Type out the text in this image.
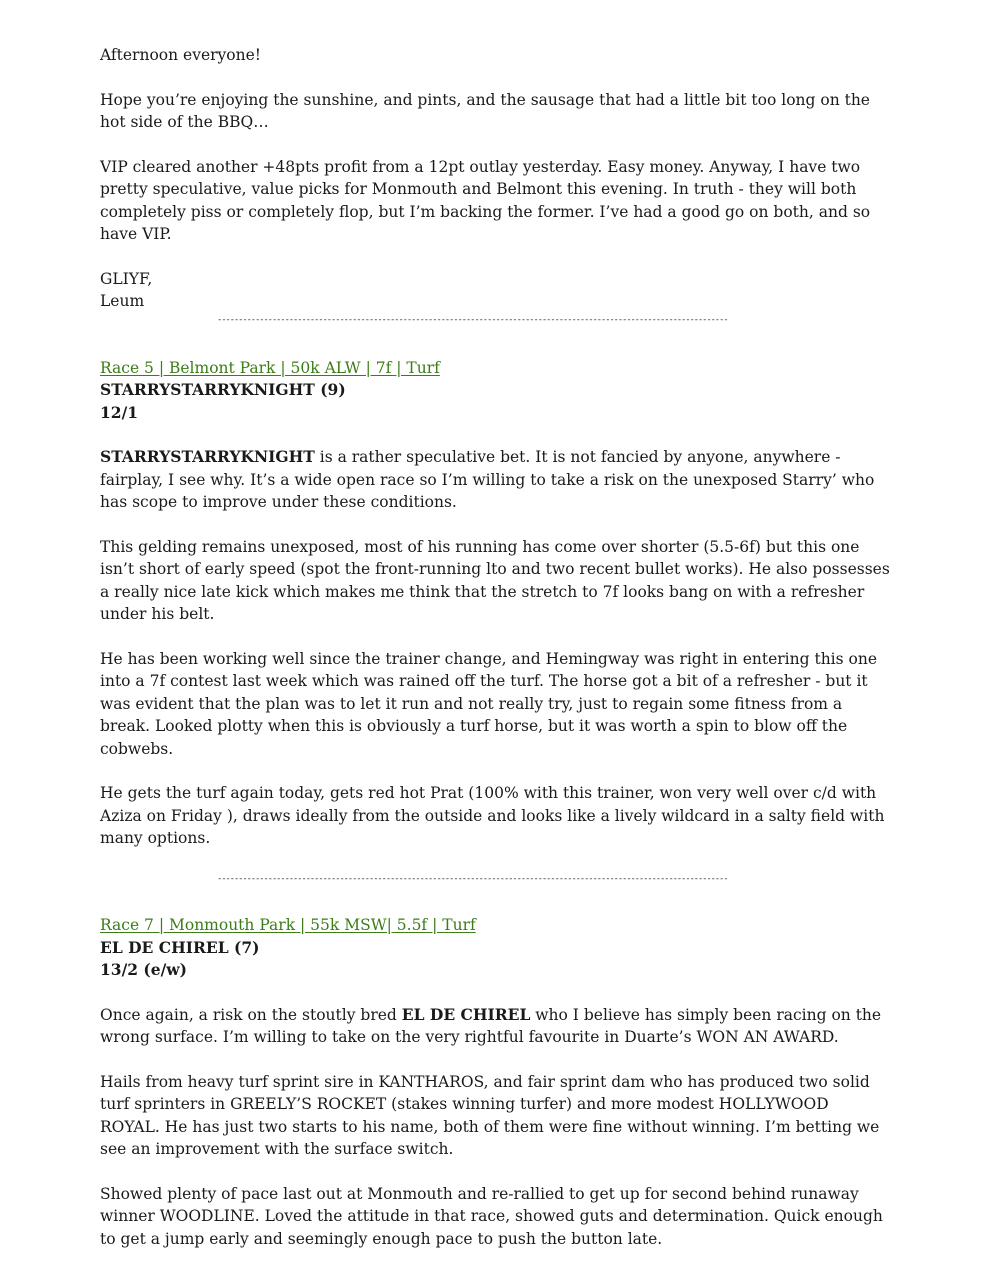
Afternoon everyone!

Hope you’re enjoying the sunshine, and pints, and the sausage that had a little bit too long on the hot side of the BBQ…

VIP cleared another +48pts profit from a 12pt outlay yesterday. Easy money. Anyway, I have two pretty speculative, value picks for Monmouth and Belmont this evening. In truth - they will both completely piss or completely flop, but I’m backing the former. I’ve had a good go on both, and so have VIP.

GLIYF,
Leum

-------------------------------------------------------------------------------------------------------------------------

Race 5 | Belmont Park | 50k ALW | 7f | Turf

STARRYSTARRYKNIGHT (9)

12/1

STARRYSTARRYKNIGHT is a rather speculative bet. It is not fancied by anyone, anywhere - fairplay, I see why. It’s a wide open race so I’m willing to take a risk on the unexposed Starry’ who has scope to improve under these conditions.

This gelding remains unexposed, most of his running has come over shorter (5.5-6f) but this one isn’t short of early speed (spot the front-running lto and two recent bullet works). He also possesses a really nice late kick which makes me think that the stretch to 7f looks bang on with a refresher under his belt.

He has been working well since the trainer change, and Hemingway was right in entering this one into a 7f contest last week which was rained off the turf. The horse got a bit of a refresher - but it was evident that the plan was to let it run and not really try, just to regain some fitness from a break. Looked plotty when this is obviously a turf horse, but it was worth a spin to blow off the cobwebs.

He gets the turf again today, gets red hot Prat (100% with this trainer, won very well over c/d with Aziza on Friday ), draws ideally from the outside and looks like a lively wildcard in a salty field with many options.

-------------------------------------------------------------------------------------------------------------------------

Race 7 | Monmouth Park | 55k MSW| 5.5f | Turf

EL DE CHIREL (7)

13/2 (e/w)

Once again, a risk on the stoutly bred EL DE CHIREL who I believe has simply been racing on the wrong surface. I’m willing to take on the very rightful favourite in Duarte’s WON AN AWARD.

Hails from heavy turf sprint sire in KANTHAROS, and fair sprint dam who has produced two solid turf sprinters in GREELY’S ROCKET (stakes winning turfer) and more modest HOLLYWOOD ROYAL. He has just two starts to his name, both of them were fine without winning. I’m betting we see an improvement with the surface switch.

Showed plenty of pace last out at Monmouth and re-rallied to get up for second behind runaway winner WOODLINE. Loved the attitude in that race, showed guts and determination. Quick enough to get a jump early and seemingly enough pace to push the button late.
